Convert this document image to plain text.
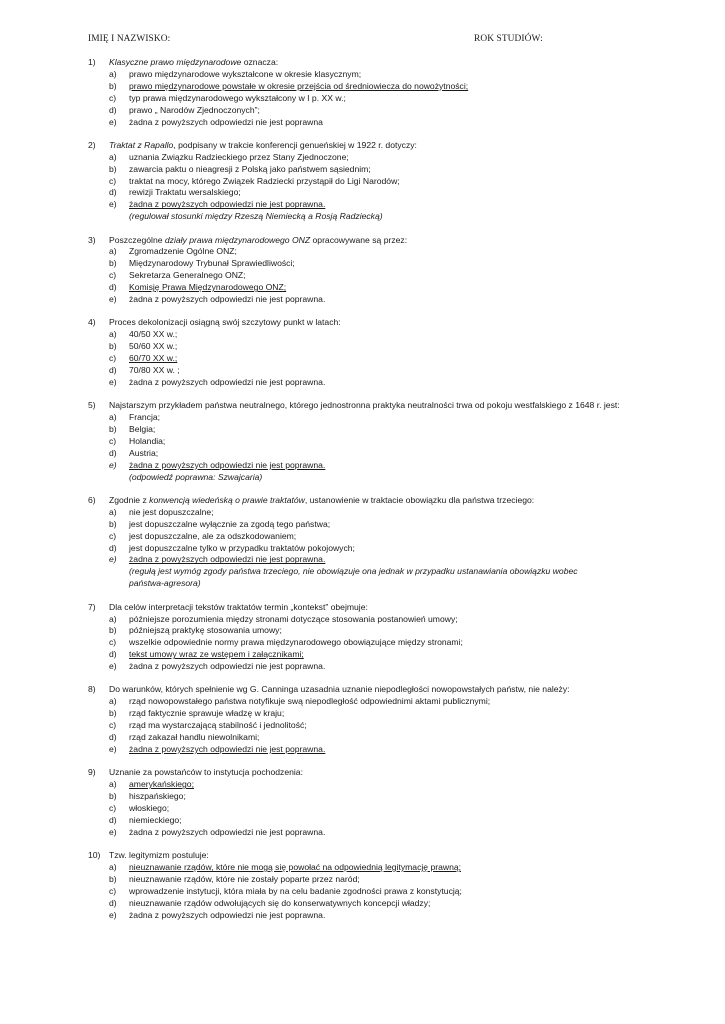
IMIĘ I NAZWISKO:	ROK STUDIÓW:
1) Klasyczne prawo międzynarodowe oznacza:
a) prawo międzynarodowe wykształcone w okresie klasycznym;
b) prawo międzynarodowe powstałe w okresie przejścia od średniowiecza do nowożytności;
c) typ prawa międzynarodowego wykształcony w I p. XX w.;
d) prawo „ Narodów Zjednoczonych”;
e) żadna z powyższych odpowiedzi nie jest poprawna
2) Traktat z Rapallo, podpisany w trakcie konferencji genueńskiej w 1922 r. dotyczy:
a) uznania Związku Radzieckiego przez Stany Zjednoczone;
b) zawarcia paktu o nieagresji z Polską jako państwem sąsiednim;
c) traktat na mocy, którego Związek Radziecki przystąpił do Ligi Narodów;
d) rewizji Traktatu wersalskiego;
e) żadna z powyższych odpowiedzi nie jest poprawna.
(regulował stosunki między Rzeszą Niemiecką a Rosją Radziecką)
3) Poszczególne działy prawa międzynarodowego ONZ opracowywane są przez:
a) Zgromadzenie Ogólne ONZ;
b) Międzynarodowy Trybunał Sprawiedliwości;
c) Sekretarza Generalnego ONZ;
d) Komisję Prawa Międzynarodowego ONZ;
e) żadna z powyższych odpowiedzi nie jest poprawna.
4) Proces dekolonizacji osiągną swój szczytowy punkt w latach:
a) 40/50 XX w.;
b) 50/60 XX w.;
c) 60/70 XX w.;
d) 70/80 XX w. ;
e) żadna z powyższych odpowiedzi nie jest poprawna.
5) Najstarszym przykładem państwa neutralnego, którego jednostronna praktyka neutralności trwa od pokoju westfalskiego z 1648 r. jest:
a) Francja;
b) Belgia;
c) Holandia;
d) Austria;
e) żadna z powyższych odpowiedzi nie jest poprawna.
(odpowiedź poprawna: Szwajcaria)
6) Zgodnie z konwencją wiedeńską o prawie traktatów, ustanowienie w traktacie obowiązku dla państwa trzeciego:
a) nie jest dopuszczalne;
b) jest dopuszczalne wyłącznie za zgodą tego państwa;
c) jest dopuszczalne, ale za odszkodowaniem;
d) jest dopuszczalne tylko w przypadku traktatów pokojowych;
e) żadna z powyższych odpowiedzi nie jest poprawna.
(regułą jest wymóg zgody państwa trzeciego, nie obowiązuje ona jednak w przypadku ustanawiania obowiązku wobec
państwa-agresora)
7) Dla celów interpretacji tekstów traktatów termin „kontekst” obejmuje:
a) późniejsze porozumienia między stronami dotyczące stosowania postanowień umowy;
b) późniejszą praktykę stosowania umowy;
c) wszelkie odpowiednie normy prawa międzynarodowego obowiązujące między stronami;
d) tekst umowy wraz ze wstępem i załącznikami;
e) żadna z powyższych odpowiedzi nie jest poprawna.
8) Do warunków, których spełnienie wg G. Canninga uzasadnia uznanie niepodległości nowopowstałych państw, nie należy:
a) rząd nowopowstałego państwa notyfikuje swą niepodległość odpowiednimi aktami publicznymi;
b) rząd faktycznie sprawuje władzę w kraju;
c) rząd ma wystarczającą stabilność i jednolitość;
d) rząd zakazał handlu niewolnikami;
e) żadna z powyższych odpowiedzi nie jest poprawna.
9) Uznanie za powstańców to instytucja pochodzenia:
a) amerykańskiego;
b) hiszpańskiego;
c) włoskiego;
d) niemieckiego;
e) żadna z powyższych odpowiedzi nie jest poprawna.
10) Tzw. legitymizm postuluje:
a) nieuznawanie rządów, które nie mogą się powołać na odpowiednią legitymację prawną;
b) nieuznawanie rządów, które nie zostały poparte przez naród;
c) wprowadzenie instytucji, która miała by na celu badanie zgodności prawa z konstytucją;
d) nieuznawanie rządów odwołujących się do konserwatywnych koncepcji władzy;
e) żadna z powyższych odpowiedzi nie jest poprawna.
